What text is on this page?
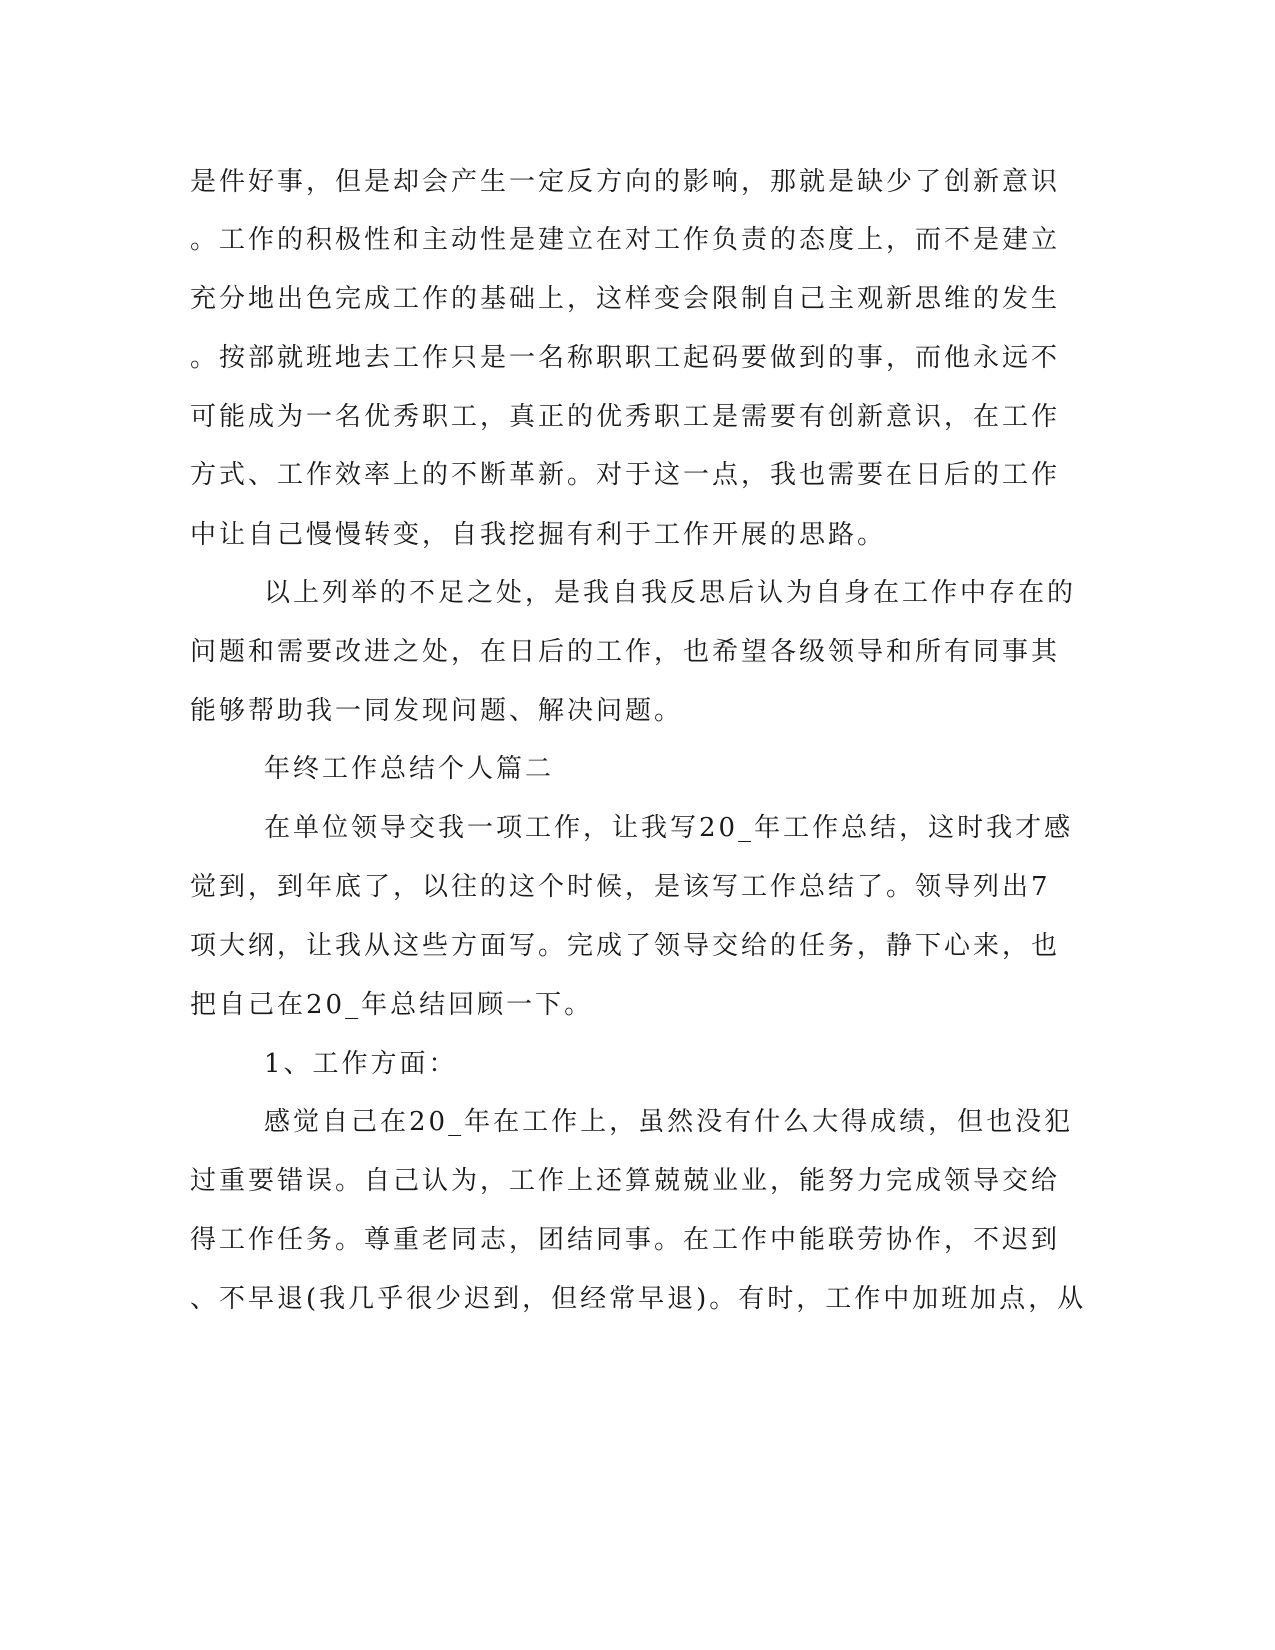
是件好事，但是却会产生一定反方向的影响，那就是缺少了创新意识
。工作的积极性和主动性是建立在对工作负责的态度上，而不是建立
充分地出色完成工作的基础上，这样变会限制自己主观新思维的发生
。按部就班地去工作只是一名称职职工起码要做到的事，而他永远不
可能成为一名优秀职工，真正的优秀职工是需要有创新意识，在工作
方式、工作效率上的不断革新。对于这一点，我也需要在日后的工作
中让自己慢慢转变，自我挖掘有利于工作开展的思路。
以上列举的不足之处，是我自我反思后认为自身在工作中存在的
问题和需要改进之处，在日后的工作，也希望各级领导和所有同事其
能够帮助我一同发现问题、解决问题。
年终工作总结个人篇二
在单位领导交我一项工作，让我写20_年工作总结，这时我才感
觉到，到年底了，以往的这个时候，是该写工作总结了。领导列出7
项大纲，让我从这些方面写。完成了领导交给的任务，静下心来，也
把自己在20_年总结回顾一下。
1、工作方面：
感觉自己在20_年在工作上，虽然没有什么大得成绩，但也没犯
过重要错误。自己认为，工作上还算兢兢业业，能努力完成领导交给
得工作任务。尊重老同志，团结同事。在工作中能联劳协作，不迟到
、不早退(我几乎很少迟到，但经常早退)。有时，工作中加班加点，从
